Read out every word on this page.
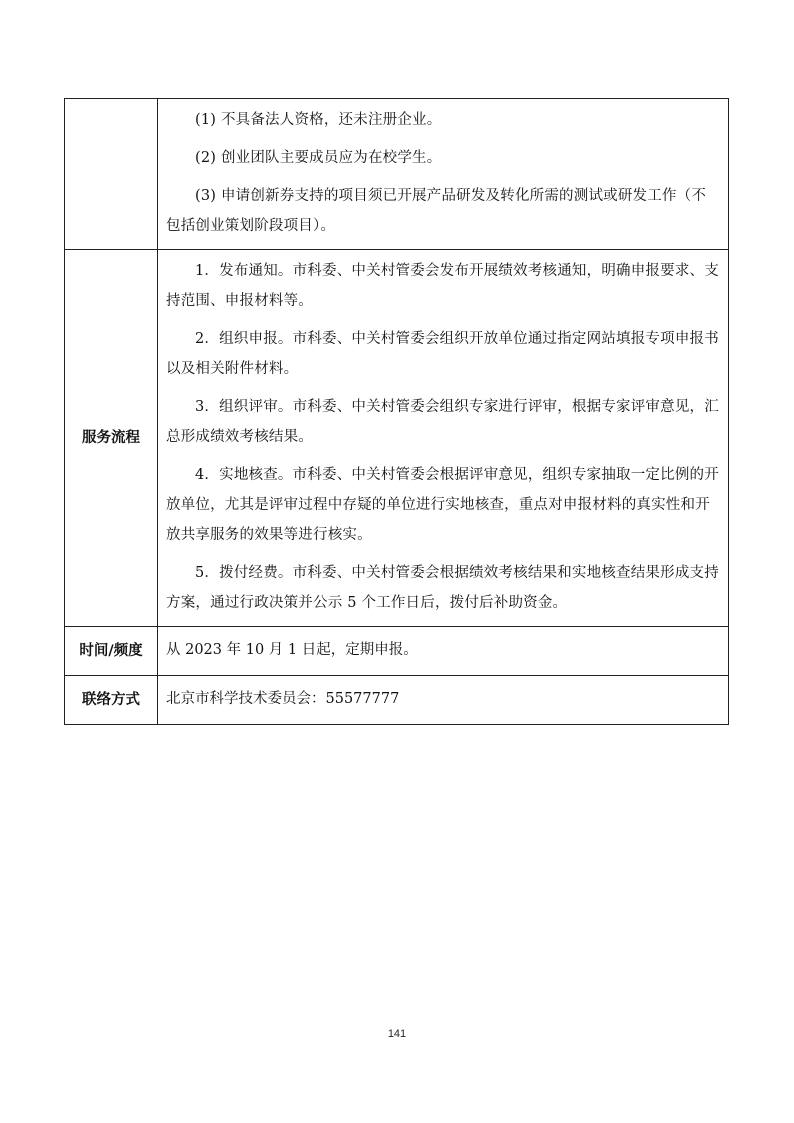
	(1) 不具备法人资格，还未注册企业。

(2) 创业团队主要成员应为在校学生。

(3) 申请创新券支持的项目须已开展产品研发及转化所需的测试或研发工作（不包括创业策划阶段项目）。

服务流程	1．发布通知。市科委、中关村管委会发布开展绩效考核通知，明确申报要求、支持范围、申报材料等。

2．组织申报。市科委、中关村管委会组织开放单位通过指定网站填报专项申报书以及相关附件材料。

3．组织评审。市科委、中关村管委会组织专家进行评审，根据专家评审意见，汇总形成绩效考核结果。

4．实地核查。市科委、中关村管委会根据评审意见，组织专家抽取一定比例的开放单位，尤其是评审过程中存疑的单位进行实地核查，重点对申报材料的真实性和开放共享服务的效果等进行核实。

5．拨付经费。市科委、中关村管委会根据绩效考核结果和实地核查结果形成支持方案，通过行政决策并公示 5 个工作日后，拨付后补助资金。

时间/频度	从 2023 年 10 月 1 日起，定期申报。

联络方式	北京市科学技术委员会：55577777
141
